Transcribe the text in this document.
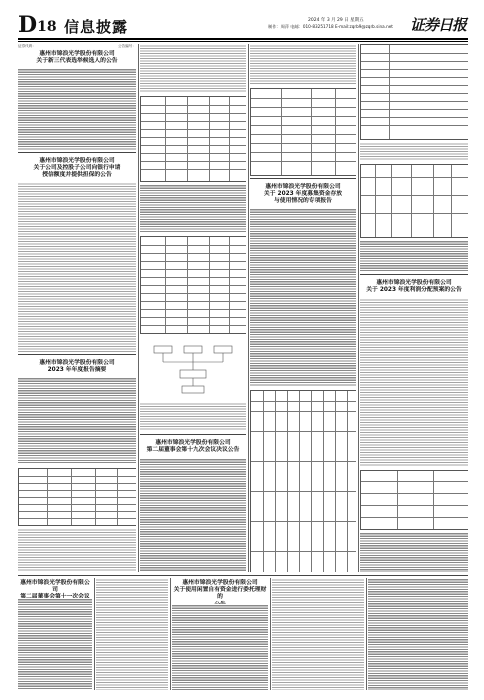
D18 信息披露	2024 年 3 月 29 日 星期五
制作：周萍 电邮：010-83251718 E-mail:zqrb9@zqrb.sina.net 证券日报
证券代码：	公告编号：
惠州市锦浪光学股份有限公司
关于新三代表选举候选人的公告
惠州市锦浪光学股份有限公司
关于公司及控股子公司向银行申请
授信额度并提供担保的公告
惠州市锦浪光学股份有限公司
2023 年年度报告摘要
惠州市锦浪光学股份有限公司
第二届董事会第十九次会议决议公告
惠州市锦浪光学股份有限公司
关于 2023 年度募集资金存放
与使用情况的专项报告
惠州市锦浪光学股份有限公司
关于 2023 年度利润分配预案的公告
惠州市锦浪光学股份有限公司
惠州市锦浪光学股份有限公司
关于使用闲置自有资金进行委托理财的
